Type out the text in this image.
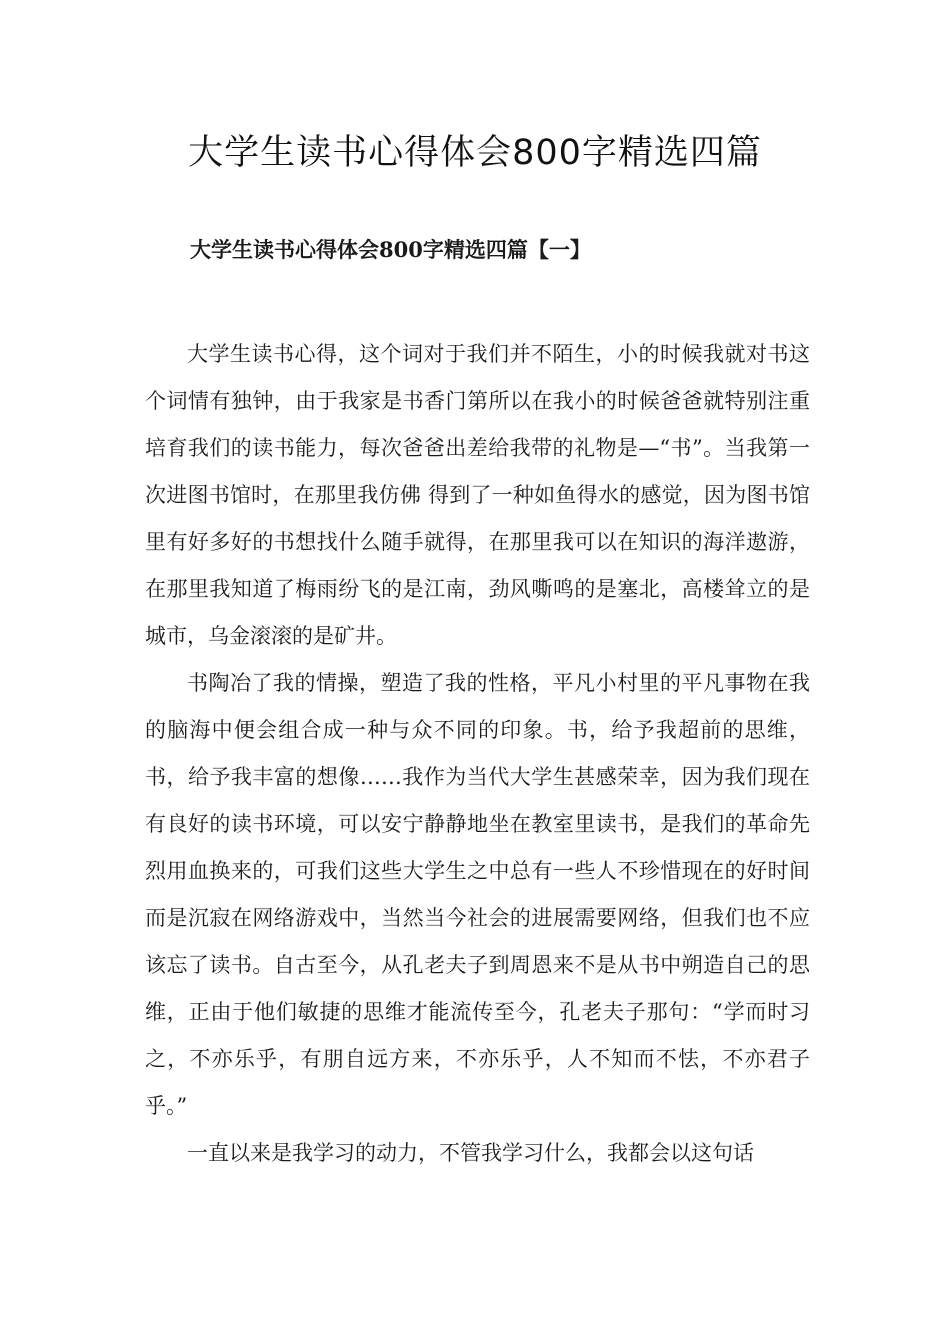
大学生读书心得体会800字精选四篇
大学生读书心得体会800字精选四篇【一】

大学生读书心得，这个词对于我们并不陌生，小的时候我就对书这个词情有独钟，由于我家是书香门第所以在我小的时候爸爸就特别注重培育我们的读书能力，每次爸爸出差给我带的礼物是—“书”。当我第一次进图书馆时，在那里我仿佛 得到了一种如鱼得水的感觉，因为图书馆里有好多好的书想找什么随手就得，在那里我可以在知识的海洋遨游，在那里我知道了梅雨纷飞的是江南，劲风嘶鸣的是塞北，高楼耸立的是城市，乌金滚滚的是矿井。

书陶冶了我的情操，塑造了我的性格，平凡小村里的平凡事物在我的脑海中便会组合成一种与众不同的印象。书，给予我超前的思维，书，给予我丰富的想像……我作为当代大学生甚感荣幸，因为我们现在有良好的读书环境，可以安宁静静地坐在教室里读书，是我们的革命先烈用血换来的，可我们这些大学生之中总有一些人不珍惜现在的好时间而是沉寂在网络游戏中，当然当今社会的进展需要网络，但我们也不应该忘了读书。自古至今，从孔老夫子到周恩来不是从书中朔造自己的思维，正由于他们敏捷的思维才能流传至今，孔老夫子那句：“学而时习之，不亦乐乎，有朋自远方来，不亦乐乎，人不知而不怯，不亦君子乎。”

一直以来是我学习的动力，不管我学习什么，我都会以这句话
